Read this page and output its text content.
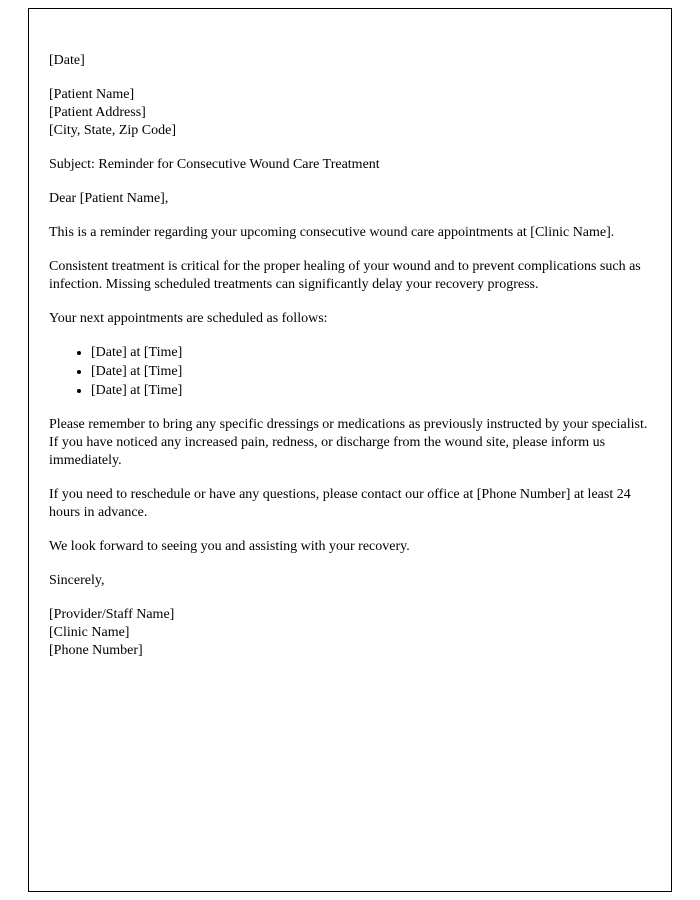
[Date]

[Patient Name]

[Patient Address]

[City, State, Zip Code]

Subject: Reminder for Consecutive Wound Care Treatment

Dear [Patient Name],

This is a reminder regarding your upcoming consecutive wound care appointments at [Clinic Name].

Consistent treatment is critical for the proper healing of your wound and to prevent complications such as infection. Missing scheduled treatments can significantly delay your recovery progress.

Your next appointments are scheduled as follows:

• [Date] at [Time]
• [Date] at [Time]
• [Date] at [Time]

Please remember to bring any specific dressings or medications as previously instructed by your specialist. If you have noticed any increased pain, redness, or discharge from the wound site, please inform us immediately.

If you need to reschedule or have any questions, please contact our office at [Phone Number] at least 24 hours in advance.

We look forward to seeing you and assisting with your recovery.

Sincerely,

[Provider/Staff Name]

[Clinic Name]

[Phone Number]
